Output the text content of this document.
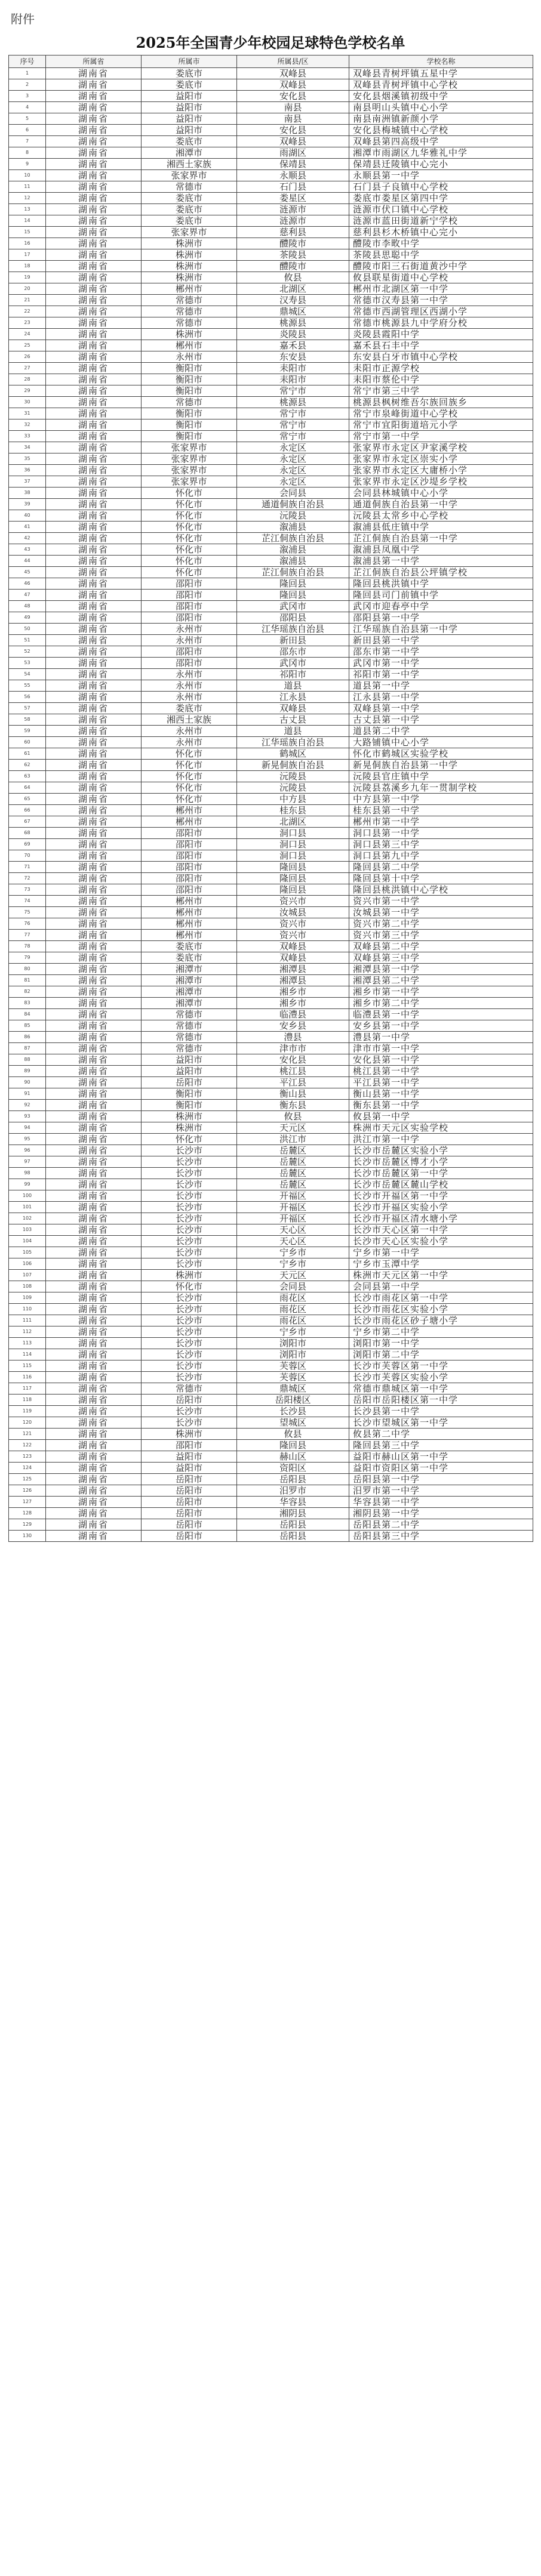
附件
2025年全国青少年校园足球特色学校名单
序号	所属省	所属市	所属县/区	学校名称
1	湖南省	娄底市	双峰县	双峰县青树坪镇五星中学
2	湖南省	娄底市	双峰县	双峰县青树坪镇中心学校
3	湖南省	益阳市	安化县	安化县烟溪镇初级中学
4	湖南省	益阳市	南县	南县明山头镇中心小学
5	湖南省	益阳市	南县	南县南洲镇新颜小学
6	湖南省	益阳市	安化县	安化县梅城镇中心学校
7	湖南省	娄底市	双峰县	双峰县第四高级中学
8	湖南省	湘潭市	雨湖区	湘潭市雨湖区九华雅礼中学
9	湖南省	湘西土家族	保靖县	保靖县迁陵镇中心完小
10	湖南省	张家界市	永顺县	永顺县第一中学
11	湖南省	常德市	石门县	石门县子良镇中心学校
12	湖南省	娄底市	娄星区	娄底市娄星区第四中学
13	湖南省	娄底市	涟源市	涟源市伏口镇中心学校
14	湖南省	娄底市	涟源市	涟源市蓝田街道新宁学校
15	湖南省	张家界市	慈利县	慈利县杉木桥镇中心完小
16	湖南省	株洲市	醴陵市	醴陵市李畋中学
17	湖南省	株洲市	茶陵县	茶陵县思聪中学
18	湖南省	株洲市	醴陵市	醴陵市阳三石街道黄沙中学
19	湖南省	株洲市	攸县	攸县联星街道中心学校
20	湖南省	郴州市	北湖区	郴州市北湖区第一中学
21	湖南省	常德市	汉寿县	常德市汉寿县第一中学
22	湖南省	常德市	鼎城区	常德市西湖管理区西湖小学
23	湖南省	常德市	桃源县	常德市桃源县九中学府分校
24	湖南省	株洲市	炎陵县	炎陵县霞阳中学
25	湖南省	郴州市	嘉禾县	嘉禾县石丰中学
26	湖南省	永州市	东安县	东安县白牙市镇中心学校
27	湖南省	衡阳市	耒阳市	耒阳市正源学校
28	湖南省	衡阳市	耒阳市	耒阳市蔡伦中学
29	湖南省	衡阳市	常宁市	常宁市第三中学
30	湖南省	常德市	桃源县	桃源县枫树维吾尔族回族乡
31	湖南省	衡阳市	常宁市	常宁市泉峰街道中心学校
32	湖南省	衡阳市	常宁市	常宁市宜阳街道培元小学
33	湖南省	衡阳市	常宁市	常宁市第一中学
34	湖南省	张家界市	永定区	张家界市永定区尹家溪学校
35	湖南省	张家界市	永定区	张家界市永定区崇实小学
36	湖南省	张家界市	永定区	张家界市永定区大庸桥小学
37	湖南省	张家界市	永定区	张家界市永定区沙堤乡学校
38	湖南省	怀化市	会同县	会同县林城镇中心小学
39	湖南省	怀化市	通道侗族自治县	通道侗族自治县第一中学
40	湖南省	怀化市	沅陵县	沅陵县太常乡中心学校
41	湖南省	怀化市	溆浦县	溆浦县低庄镇中学
42	湖南省	怀化市	芷江侗族自治县	芷江侗族自治县第一中学
43	湖南省	怀化市	溆浦县	溆浦县凤凰中学
44	湖南省	怀化市	溆浦县	溆浦县第一中学
45	湖南省	怀化市	芷江侗族自治县	芷江侗族自治县公坪镇学校
46	湖南省	邵阳市	隆回县	隆回县桃洪镇中学
47	湖南省	邵阳市	隆回县	隆回县司门前镇中学
48	湖南省	邵阳市	武冈市	武冈市迎春亭中学
49	湖南省	邵阳市	邵阳县	邵阳县第一中学
50	湖南省	永州市	江华瑶族自治县	江华瑶族自治县第一中学
51	湖南省	永州市	新田县	新田县第一中学
52	湖南省	邵阳市	邵东市	邵东市第一中学
53	湖南省	邵阳市	武冈市	武冈市第一中学
54	湖南省	永州市	祁阳市	祁阳市第一中学
55	湖南省	永州市	道县	道县第一中学
56	湖南省	永州市	江永县	江永县第一中学
57	湖南省	娄底市	双峰县	双峰县第一中学
58	湖南省	湘西土家族	古丈县	古丈县第一中学
59	湖南省	永州市	道县	道县第二中学
60	湖南省	永州市	江华瑶族自治县	大路铺镇中心小学
61	湖南省	怀化市	鹤城区	怀化市鹤城区实验学校
62	湖南省	怀化市	新晃侗族自治县	新晃侗族自治县第一中学
63	湖南省	怀化市	沅陵县	沅陵县官庄镇中学
64	湖南省	怀化市	沅陵县	沅陵县荔溪乡九年一贯制学校
65	湖南省	怀化市	中方县	中方县第一中学
66	湖南省	郴州市	桂东县	桂东县第一中学
67	湖南省	郴州市	北湖区	郴州市第一中学
68	湖南省	邵阳市	洞口县	洞口县第一中学
69	湖南省	邵阳市	洞口县	洞口县第三中学
70	湖南省	邵阳市	洞口县	洞口县第九中学
71	湖南省	邵阳市	隆回县	隆回县第二中学
72	湖南省	邵阳市	隆回县	隆回县第十中学
73	湖南省	邵阳市	隆回县	隆回县桃洪镇中心学校
74	湖南省	郴州市	资兴市	资兴市第一中学
75	湖南省	郴州市	汝城县	汝城县第一中学
76	湖南省	郴州市	资兴市	资兴市第二中学
77	湖南省	郴州市	资兴市	资兴市第三中学
78	湖南省	娄底市	双峰县	双峰县第二中学
79	湖南省	娄底市	双峰县	双峰县第三中学
80	湖南省	湘潭市	湘潭县	湘潭县第一中学
81	湖南省	湘潭市	湘潭县	湘潭县第二中学
82	湖南省	湘潭市	湘乡市	湘乡市第一中学
83	湖南省	湘潭市	湘乡市	湘乡市第二中学
84	湖南省	常德市	临澧县	临澧县第一中学
85	湖南省	常德市	安乡县	安乡县第一中学
86	湖南省	常德市	澧县	澧县第一中学
87	湖南省	常德市	津市市	津市市第一中学
88	湖南省	益阳市	安化县	安化县第一中学
89	湖南省	益阳市	桃江县	桃江县第一中学
90	湖南省	岳阳市	平江县	平江县第一中学
91	湖南省	衡阳市	衡山县	衡山县第一中学
92	湖南省	衡阳市	衡东县	衡东县第一中学
93	湖南省	株洲市	攸县	攸县第一中学
94	湖南省	株洲市	天元区	株洲市天元区实验学校
95	湖南省	怀化市	洪江市	洪江市第一中学
96	湖南省	长沙市	岳麓区	长沙市岳麓区实验小学
97	湖南省	长沙市	岳麓区	长沙市岳麓区博才小学
98	湖南省	长沙市	岳麓区	长沙市岳麓区第一中学
99	湖南省	长沙市	岳麓区	长沙市岳麓区麓山学校
100	湖南省	长沙市	开福区	长沙市开福区第一中学
101	湖南省	长沙市	开福区	长沙市开福区实验小学
102	湖南省	长沙市	开福区	长沙市开福区清水塘小学
103	湖南省	长沙市	天心区	长沙市天心区第一中学
104	湖南省	长沙市	天心区	长沙市天心区实验小学
105	湖南省	长沙市	宁乡市	宁乡市第一中学
106	湖南省	长沙市	宁乡市	宁乡市玉潭中学
107	湖南省	株洲市	天元区	株洲市天元区第一中学
108	湖南省	怀化市	会同县	会同县第一中学
109	湖南省	长沙市	雨花区	长沙市雨花区第一中学
110	湖南省	长沙市	雨花区	长沙市雨花区实验小学
111	湖南省	长沙市	雨花区	长沙市雨花区砂子塘小学
112	湖南省	长沙市	宁乡市	宁乡市第二中学
113	湖南省	长沙市	浏阳市	浏阳市第一中学
114	湖南省	长沙市	浏阳市	浏阳市第二中学
115	湖南省	长沙市	芙蓉区	长沙市芙蓉区第一中学
116	湖南省	长沙市	芙蓉区	长沙市芙蓉区实验小学
117	湖南省	常德市	鼎城区	常德市鼎城区第一中学
118	湖南省	岳阳市	岳阳楼区	岳阳市岳阳楼区第一中学
119	湖南省	长沙市	长沙县	长沙县第一中学
120	湖南省	长沙市	望城区	长沙市望城区第一中学
121	湖南省	株洲市	攸县	攸县第二中学
122	湖南省	邵阳市	隆回县	隆回县第三中学
123	湖南省	益阳市	赫山区	益阳市赫山区第一中学
124	湖南省	益阳市	资阳区	益阳市资阳区第一中学
125	湖南省	岳阳市	岳阳县	岳阳县第一中学
126	湖南省	岳阳市	汨罗市	汨罗市第一中学
127	湖南省	岳阳市	华容县	华容县第一中学
128	湖南省	岳阳市	湘阴县	湘阴县第一中学
129	湖南省	岳阳市	岳阳县	岳阳县第二中学
130	湖南省	岳阳市	岳阳县	岳阳县第三中学
